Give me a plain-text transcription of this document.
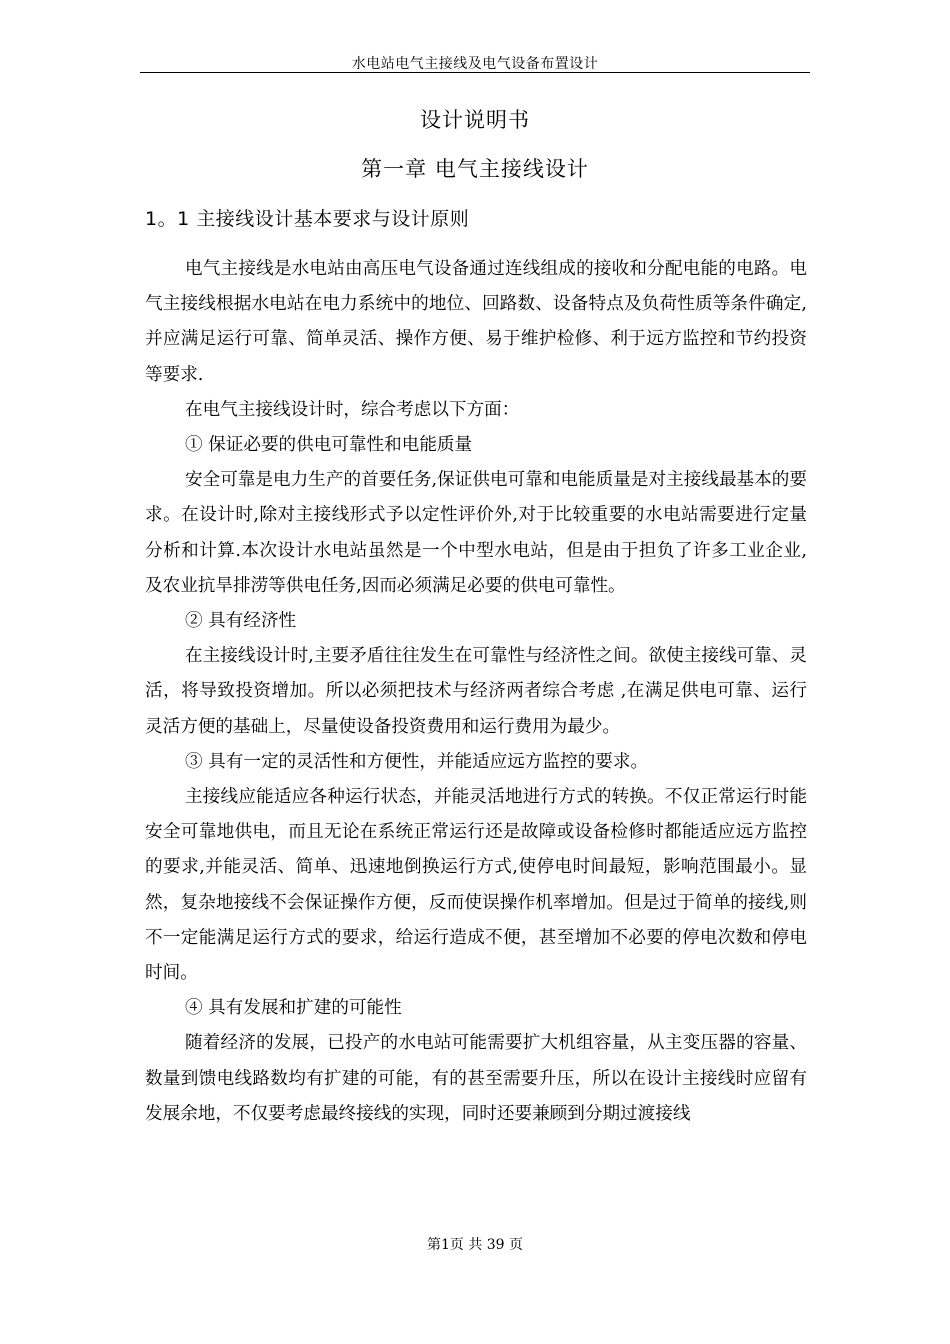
水电站电气主接线及电气设备布置设计
设计说明书
第一章 电气主接线设计
1。1 主接线设计基本要求与设计原则

电气主接线是水电站由高压电气设备通过连线组成的接收和分配电能的电路。电气主接线根据水电站在电力系统中的地位、回路数、设备特点及负荷性质等条件确定,并应满足运行可靠、简单灵活、操作方便、易于维护检修、利于远方监控和节约投资等要求.

在电气主接线设计时，综合考虑以下方面：

① 保证必要的供电可靠性和电能质量

安全可靠是电力生产的首要任务,保证供电可靠和电能质量是对主接线最基本的要求。在设计时,除对主接线形式予以定性评价外,对于比较重要的水电站需要进行定量分析和计算.本次设计水电站虽然是一个中型水电站，但是由于担负了许多工业企业,及农业抗旱排涝等供电任务,因而必须满足必要的供电可靠性。

② 具有经济性

在主接线设计时,主要矛盾往往发生在可靠性与经济性之间。欲使主接线可靠、灵活，将导致投资增加。所以必须把技术与经济两者综合考虑 ,在满足供电可靠、运行灵活方便的基础上，尽量使设备投资费用和运行费用为最少。

③ 具有一定的灵活性和方便性，并能适应远方监控的要求。

主接线应能适应各种运行状态，并能灵活地进行方式的转换。不仅正常运行时能安全可靠地供电，而且无论在系统正常运行还是故障或设备检修时都能适应远方监控的要求,并能灵活、简单、迅速地倒换运行方式,使停电时间最短，影响范围最小。显然，复杂地接线不会保证操作方便，反而使误操作机率增加。但是过于简单的接线,则不一定能满足运行方式的要求，给运行造成不便，甚至增加不必要的停电次数和停电时间。

④ 具有发展和扩建的可能性

随着经济的发展，已投产的水电站可能需要扩大机组容量，从主变压器的容量、数量到馈电线路数均有扩建的可能，有的甚至需要升压，所以在设计主接线时应留有发展余地，不仅要考虑最终接线的实现，同时还要兼顾到分期过渡接线

第1页 共 39 页
